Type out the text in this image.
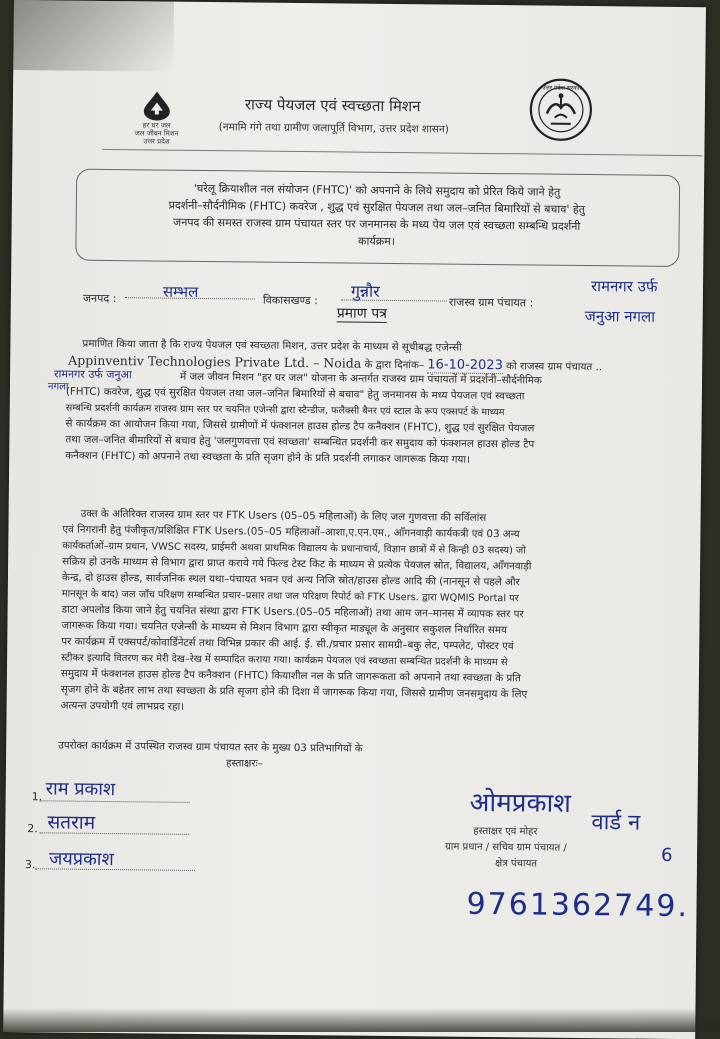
हर घर जल
जल जीवन मिशन
उत्तर प्रदेश
उत्तर प्रदेश सरकार
राज्य पेयजल एवं स्वच्छता मिशन
(नमामि गंगे तथा ग्रामीण जलापूर्ति विभाग, उत्तर प्रदेश शासन)
'घरेलू क्रियाशील नल संयोजन (FHTC)' को अपनाने के लिये समुदाय को प्रेरित किये जाने हेतु
प्रदर्शनी–सौर्दनीमिक (FHTC) कवरेज , शुद्ध एवं सुरक्षित पेयजल तथा जल–जनित बिमारियों से बचाव' हेतु
जनपद की समस्त राजस्व ग्राम पंचायत स्तर पर जनमानस के मध्य पेय जल एवं स्वच्छता सम्बन्धि प्रदर्शनी
कार्यक्रम।
जनपद :	सम्भल	विकासखण्ड : गुन्नौर
राजस्व ग्राम पंचायत :
रामनगर उर्फ
जनुआ नगला
प्रमाण पत्र
प्रमाणित किया जाता है कि राज्य पेयजल एवं स्वच्छता मिशन, उत्तर प्रदेश के माध्यम से सूचीबद्ध एजेन्सी
Appinventiv Technologies Private Ltd. – Noida के द्वारा दिनांक– 16-10-2023 को राजस्व ग्राम पंचायत ..
रामनगर उर्फ जनुआ
नगला
में जल जीवन मिशन "हर घर जल" योजना के अन्तर्गत राजस्व ग्राम पंचायतों में प्रदर्शनी–सौर्दनीमिक
(FHTC) कवरेज, शुद्ध एवं सुरक्षित पेयजल तथा जल–जनित बिमारियों से बचाव" हेतु जनमानस के मध्य पेयजल एवं स्वच्छता
सम्बन्धि प्रदर्शनी कार्यक्रम राजस्व ग्राम स्तर पर चयनित एजेन्सी द्वारा स्टैन्डीज, फलैक्सी बैनर एवं स्टाल के रूप एक्सपर्ट के माध्यम
से कार्यक्रम का आयोजन किया गया, जिससे ग्रामीणों में फंक्शनल हाउस होल्ड टैप कनैक्शन (FHTC), शुद्ध एवं सुरक्षित पेयजल
तथा जल–जनित बीमारियों से बचाव हेतु 'जलगुणवत्ता एवं स्वच्छता' सम्बन्धित प्रदर्शनी कर समुदाय को फंक्शनल हाउस होल्ड टैप
कनैक्शन (FHTC) को अपनाने तथा स्वच्छता के प्रति सृजग होने के प्रति प्रदर्शनी लगाकर जागरूक किया गया।
उक्त के अतिरिक्त राजस्व ग्राम स्तर पर FTK Users (05–05 महिलाओं) के लिए जल गुणवत्ता की सर्विलांस
एवं निगरानी हेतु पंजीकृत/प्रशिक्षित FTK Users.(05–05 महिलाओं–आशा,ए.एन.एम., आँगनवाड़ी कार्यकत्री एवं 03 अन्य
कार्यकर्ताओं–ग्राम प्रधान, VWSC सदस्य, प्राईमरी अथवा प्राथमिक विद्यालय के प्रधानाचार्य, विज्ञान छात्रों में से किन्ही 03 सदस्य) जो
सक्रिय हो उनके माध्यम से विभाग द्वारा प्राप्त कराये गये फिल्ड टेस्ट किट के माध्यम से प्रत्येक पेयजल स्रोत, विद्यालय, आँगनवाड़ी
केन्द्र, दो हाउस होल्ड, सार्वजनिक स्थल यथा–पंचायत भवन एवं अन्य निजि स्रोत/हाउस होल्ड आदि की (नानसून से पहले और
मानसून के बाद) जल जाँच परिक्षण सम्बन्धित प्रचार–प्रसार तथा जल परिक्षण रिपोर्ट को FTK Users. द्वारा WQMIS Portal पर
डाटा अपलोड किया जाने हेतु चयनित संस्था द्वारा FTK Users.(05–05 महिलाओं) तथा आम जन–मानस में व्यापक स्तर पर
जागरूक किया गया। चयनित एजेन्सी के माध्यम से मिशन विभाग द्वारा स्वीकृत माड्यूल के अनुसार सकुशल निर्धारित समय
पर कार्यक्रम में एक्सपर्ट/कोवार्डिनेटर्स तथा विभिन्न प्रकार की आई. ई. सी./प्रचार प्रसार सामग्री–बकु लेट, पम्पलेट, पोस्टर एवं
स्टीकर इत्यादि वितरण कर मेरी देख–रेख में सम्पादित कराया गया। कार्यक्रम पेयजल एवं स्वच्छता सम्बन्धित प्रदर्शनी के माध्यम से
समुदाय में फंक्शनल हाउस होल्ड टैप कनैक्शन (FHTC) कियाशील नल के प्रति जागरूकता को अपनाने तथा स्वच्छता के प्रति
सृजग होने के बहेतर लाभ तथा स्वच्छता के प्रति सृजग होने की दिशा में जागरूक किया गया, जिससे ग्रामीण जनसमुदाय के लिए
अत्यन्त उपयोगी एवं लाभप्रद रहा।
उपरोक्त कार्यक्रम में उपस्थित राजस्व ग्राम पंचायत स्तर के मुख्य 03 प्रतिभागियों के
हस्ताक्षरः–
1. राम प्रकाश
2. सतराम
3. जयप्रकाश
ओमप्रकाश
वार्ड न
हस्ताक्षर एवं मोहर
ग्राम प्रधान / सचिव ग्राम पंचायत /
क्षेत्र पंचायत	6
9761362749.
